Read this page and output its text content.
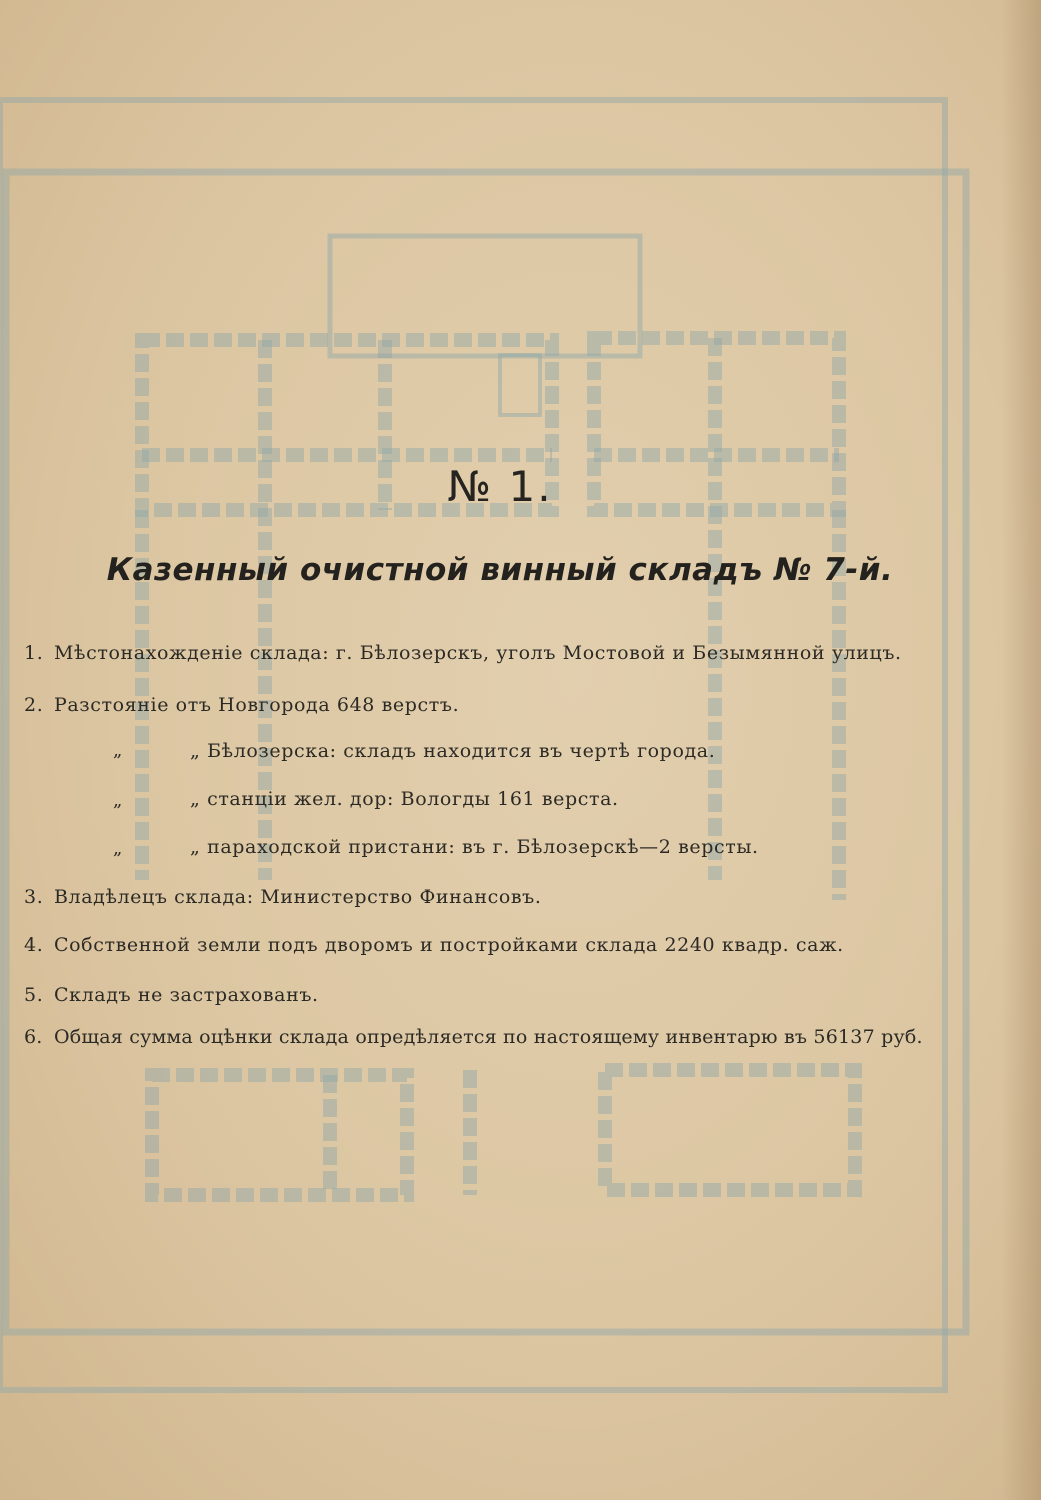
№ 1.
Казенный очистной винный складъ № 7-й.
1. Мѣстонахожденіе склада: г. Бѣлозерскъ, уголъ Мостовой и Безымянной улицъ.
2. Разстояніе отъ Новгорода 648 верстъ.
„	„ Бѣлозерска: складъ находится въ чертѣ города.
„	„ станціи жел. дор: Вологды 161 верста.
„	„ параходской пристани: въ г. Бѣлозерскѣ—2 версты.
3. Владѣлецъ склада: Министерство Финансовъ.
4. Собственной земли подъ дворомъ и постройками склада 2240 квадр. саж.
5. Складъ не застрахованъ.
6. Общая сумма оцѣнки склада опредѣляется по настоящему инвентарю въ 56137 руб.
